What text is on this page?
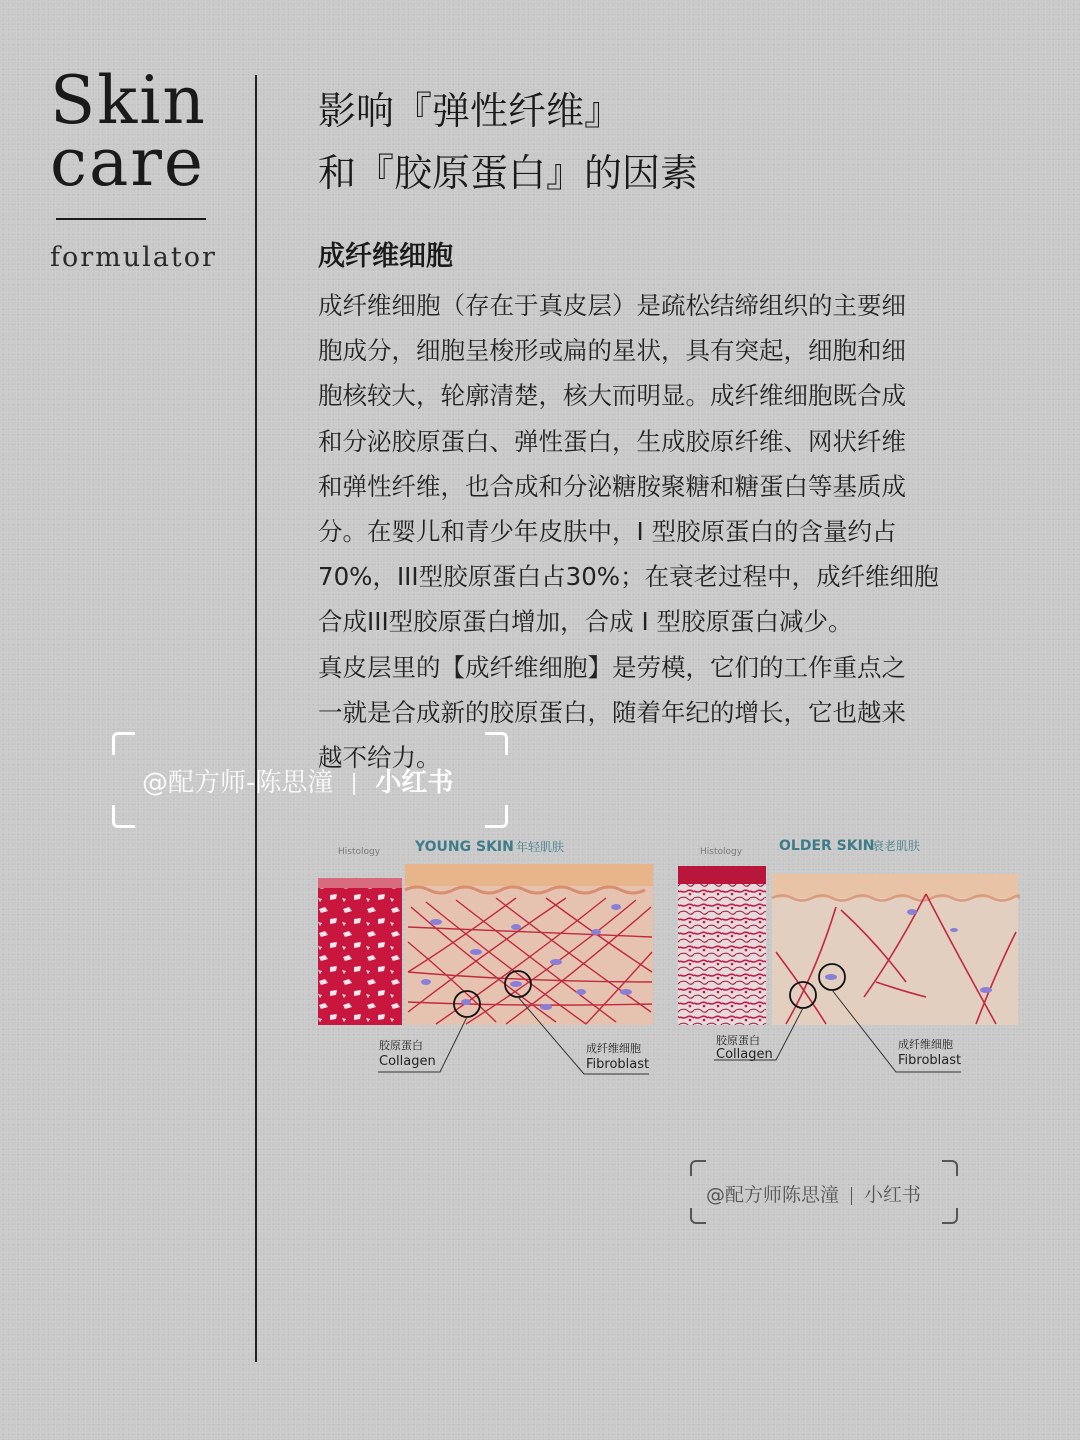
Skin
care
formulator
影响『弹性纤维』
和『胶原蛋白』的因素
成纤维细胞
成纤维细胞（存在于真皮层）是疏松结缔组织的主要细
胞成分，细胞呈梭形或扁的星状，具有突起，细胞和细
胞核较大，轮廓清楚，核大而明显。成纤维细胞既合成
和分泌胶原蛋白、弹性蛋白，生成胶原纤维、网状纤维
和弹性纤维，也合成和分泌糖胺聚糖和糖蛋白等基质成
分。在婴儿和青少年皮肤中，I 型胶原蛋白的含量约占
70%，III型胶原蛋白占30%；在衰老过程中，成纤维细胞
合成III型胶原蛋白增加，合成 I 型胶原蛋白减少。
真皮层里的【成纤维细胞】是劳模，它们的工作重点之
一就是合成新的胶原蛋白，随着年纪的增长，它也越来
越不给力。
@配方师-陈思潼 小红书
Histology YOUNG SKIN 年轻肌肤
胶原蛋白
Collagen
成纤维细胞
Fibroblast
Histology	OLDER SKIN
衰老肌肤
胶原蛋白
Collagen
成纤维细胞
Fibroblast
@配方师陈思潼 小红书
